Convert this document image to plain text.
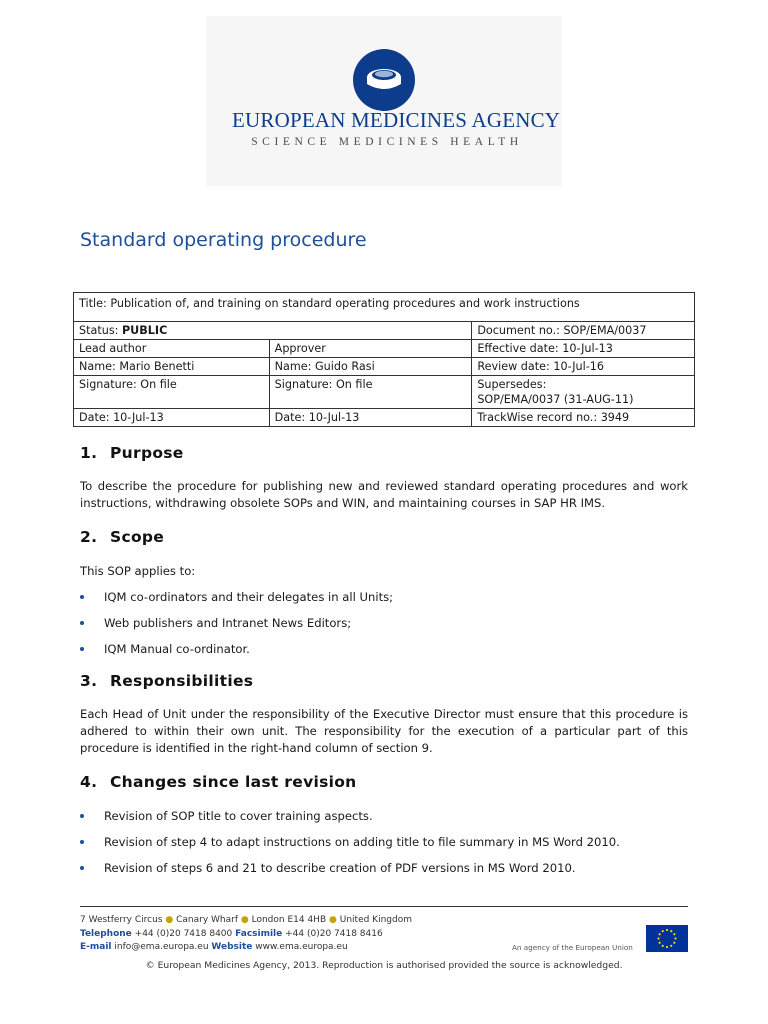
EUROPEAN MEDICINES AGENCY
SCIENCE MEDICINES HEALTH
Standard operating procedure
Title: Publication of, and training on standard operating procedures and work instructions		
Status: PUBLIC		Document no.: SOP/EMA/0037
Lead author	Approver	Effective date: 10-Jul-13
Name: Mario Benetti	Name: Guido Rasi	Review date: 10-Jul-16
Signature: On file	Signature: On file	Supersedes:
SOP/EMA/0037 (31-AUG-11)

Date: 10-Jul-13	Date: 10-Jul-13	TrackWise record no.: 3949
1. Purpose

To describe the procedure for publishing new and reviewed standard operating procedures and work instructions, withdrawing obsolete SOPs and WIN, and maintaining courses in SAP HR IMS.

2. Scope

This SOP applies to:

IQM co-ordinators and their delegates in all Units;
Web publishers and Intranet News Editors;
IQM Manual co-ordinator.
3. Responsibilities

Each Head of Unit under the responsibility of the Executive Director must ensure that this procedure is adhered to within their own unit. The responsibility for the execution of a particular part of this procedure is identified in the right-hand column of section 9.

4. Changes since last revision
Revision of SOP title to cover training aspects.
Revision of step 4 to adapt instructions on adding title to file summary in MS Word 2010.
Revision of steps 6 and 21 to describe creation of PDF versions in MS Word 2010.
7 Westferry Circus ● Canary Wharf ● London E14 4HB ● United Kingdom
Telephone +44 (0)20 7418 8400 Facsimile +44 (0)20 7418 8416
E-mail info@ema.europa.eu Website www.ema.europa.eu	An agency of the European Union
© European Medicines Agency, 2013. Reproduction is authorised provided the source is acknowledged.
